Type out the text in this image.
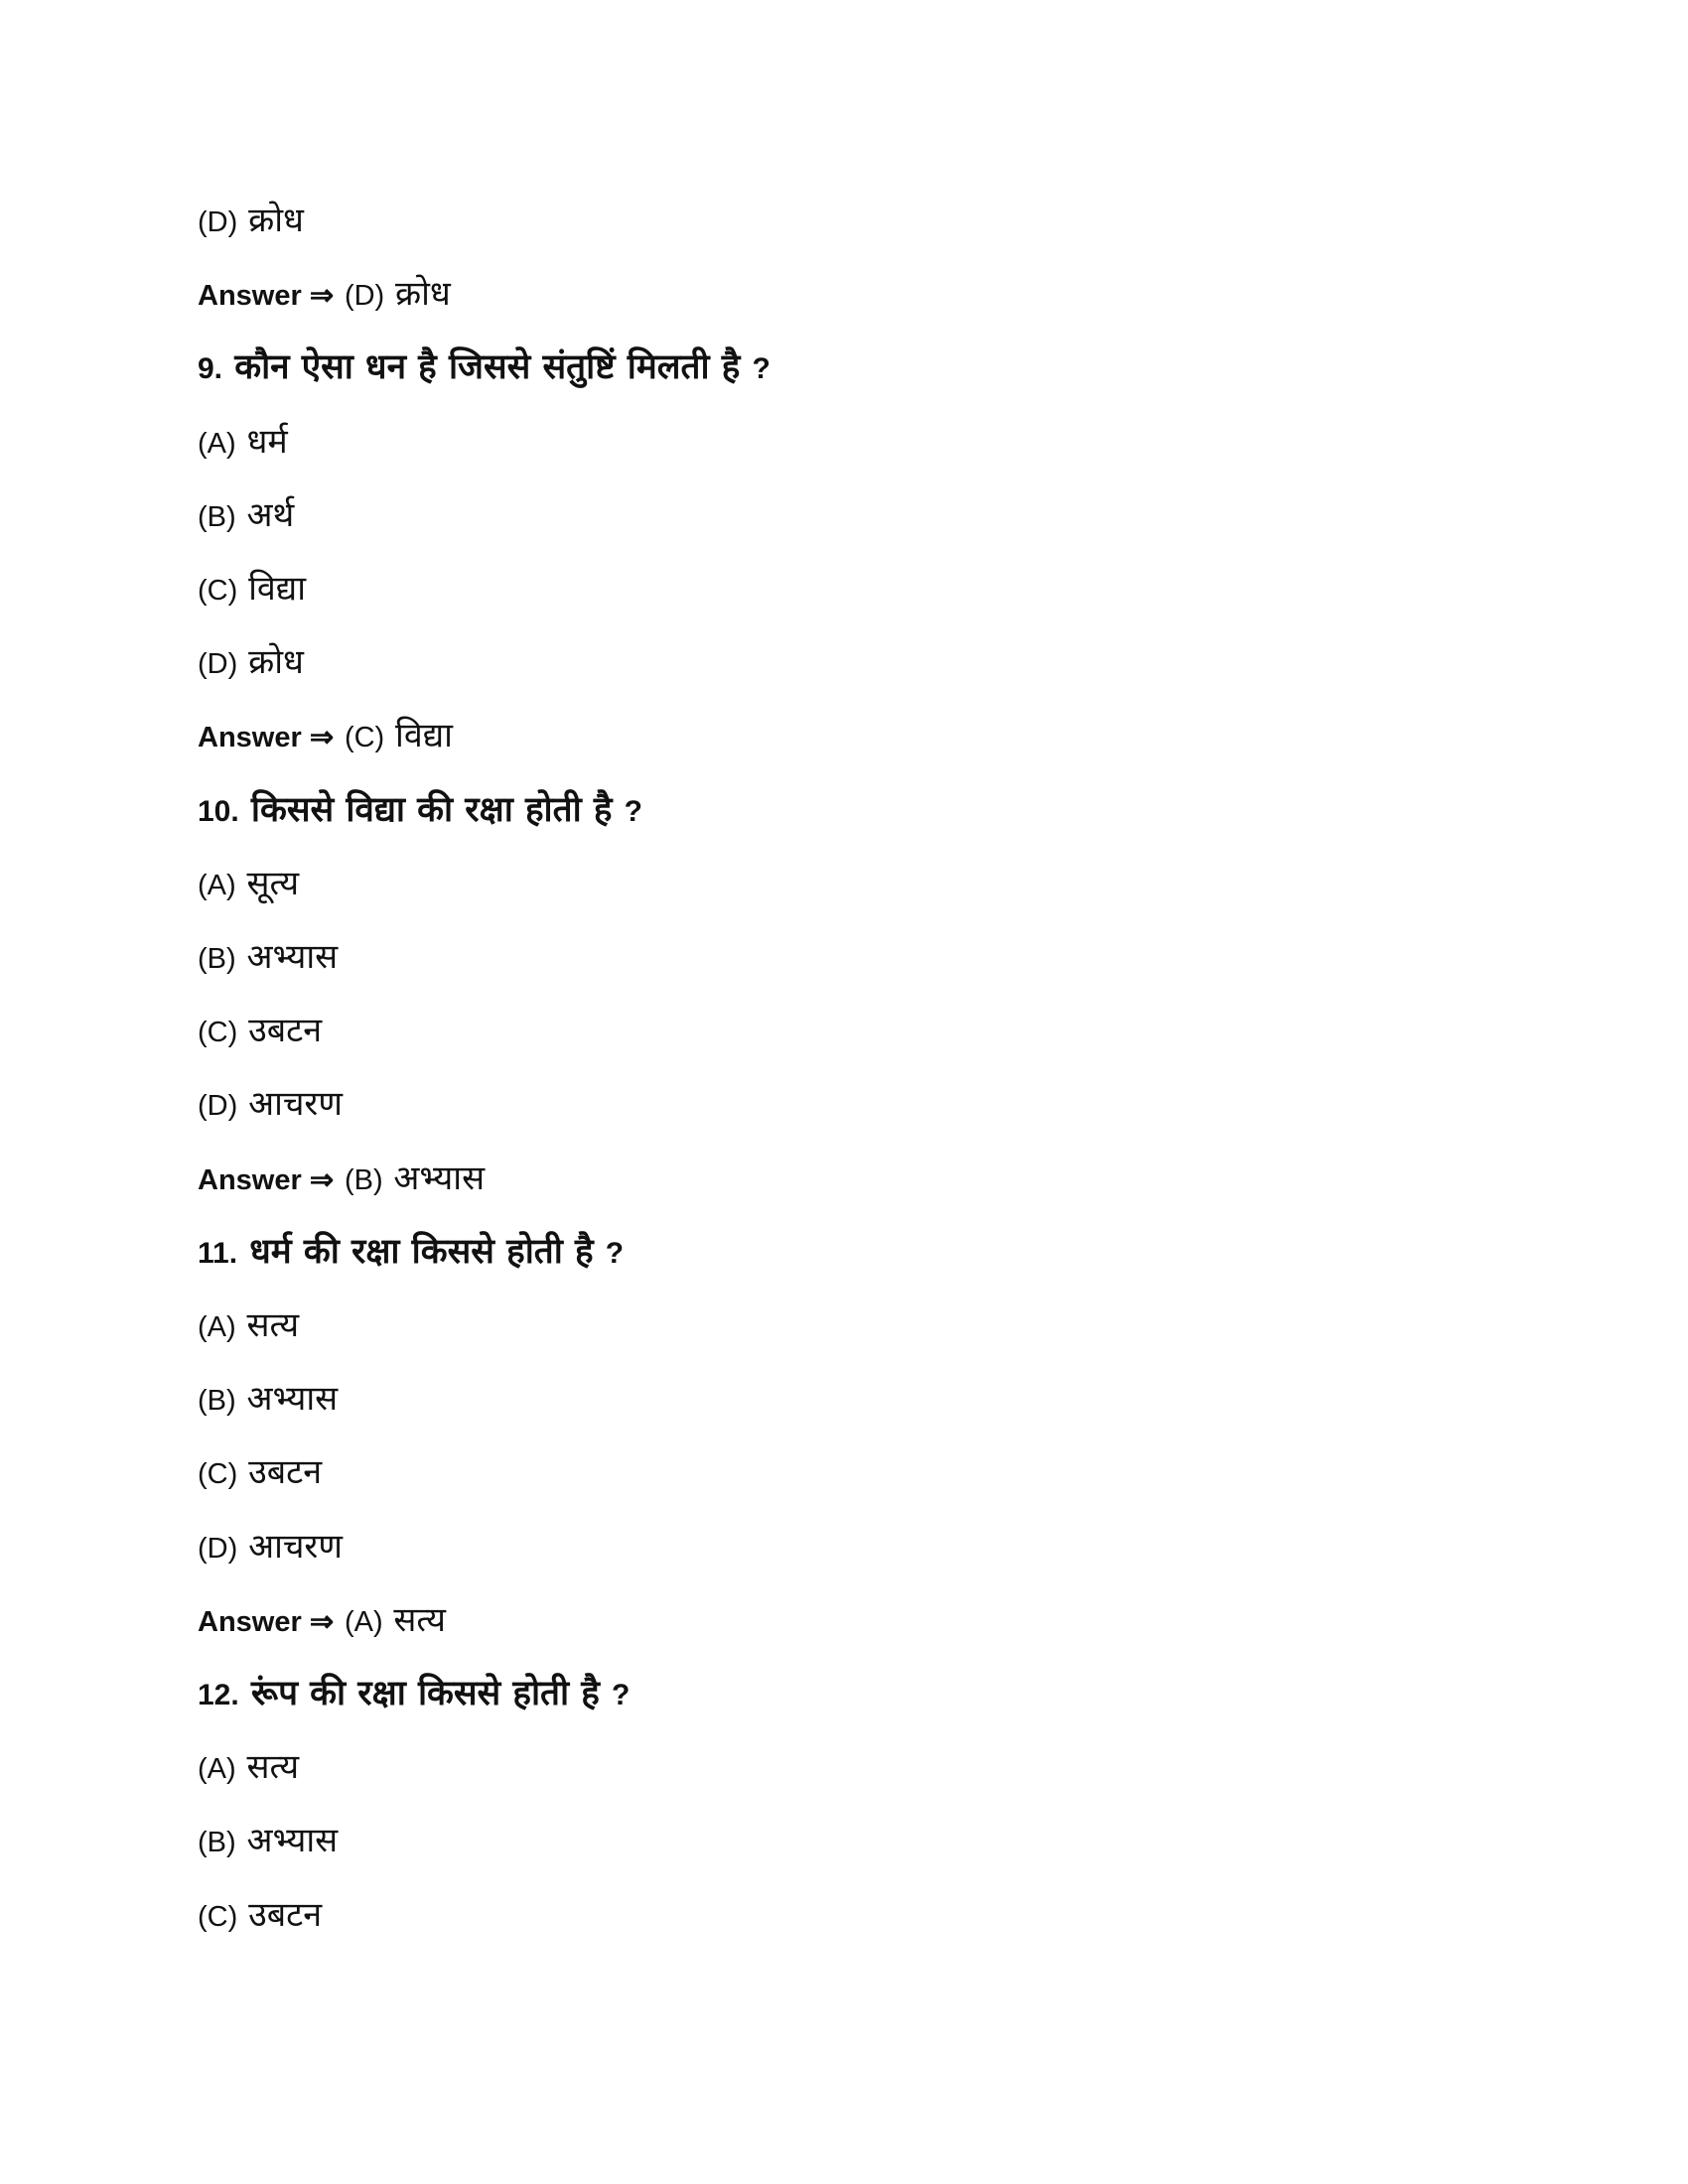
(D) क्रोध
Answer ⇒ (D) क्रोध
9. कौन ऐसा धन है जिससे संतुष्टिं मिलती है ?
(A) धर्म
(B) अर्थ
(C) विद्या
(D) क्रोध
Answer ⇒ (C) विद्या
10. किससे विद्या की रक्षा होती है ?
(A) सूत्य
(B) अभ्यास
(C) उबटन
(D) आचरण
Answer ⇒ (B) अभ्यास
11. धर्म की रक्षा किससे होती है ?
(A) सत्य
(B) अभ्यास
(C) उबटन
(D) आचरण
Answer ⇒ (A) सत्य
12. रूंप की रक्षा किससे होती है ?
(A) सत्य
(B) अभ्यास
(C) उबटन
